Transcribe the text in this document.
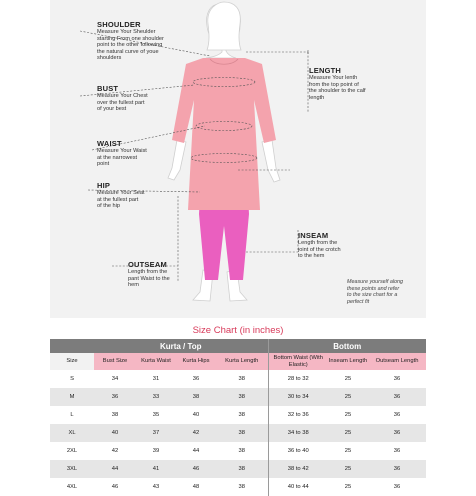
SHOULDER
Measure Your Sheulder
starting From one shoulder
point to the other following
the natural curve of youe
shoulders
BUST
Measure Your Chest
over the fullest part
of your best
WAIST
Measure Your Waist
at the narrowest
point
HIP
Measure Your Seat
at the fullest part
of the hip
OUTSEAM
Length from the
pant Waist to the
hem
LENGTH
Measure Your lenth
from the top point of
the shoulder to the calf
length
INSEAM
Length from the
joint of the crotch
to the hem
Measure yourself along
these points and refer
to the size chart for a
perfect fit
Size Chart (in inches)
	Kurta / Top				Bottom		
Size	Bust Size	Kurta Waist	Kurta Hips	Kurta Length	Bottom Waist (With Elastic)	Inseam Length	Outseam Length
S	34	31	36	38	28 to 32	25	36
M	36	33	38	38	30 to 34	25	36
L	38	35	40	38	32 to 36	25	36
XL	40	37	42	38	34 to 38	25	36
2XL	42	39	44	38	36 to 40	25	36
3XL	44	41	46	38	38 to 42	25	36
4XL	46	43	48	38	40 to 44	25	36
